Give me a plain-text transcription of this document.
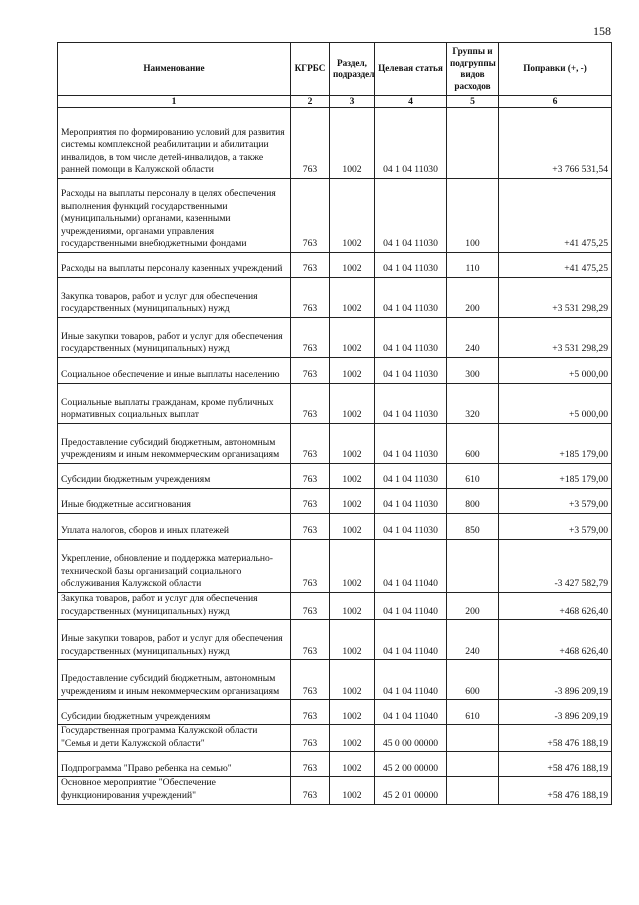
158
Наименование	КГРБС	Раздел, подраздел	Целевая статья	Группы и подгруппы видов расходов	Поправки (+, -)
1	2	3	4	5	6
Мероприятия по формированию условий для развития системы комплексной реабилитации и абилитации инвалидов, в том числе детей-инвалидов, а также ранней помощи в Калужской области	763	1002	04 1 04 11030		+3 766 531,54
Расходы на выплаты персоналу в целях обеспечения выполнения функций государственными (муниципальными) органами, казенными учреждениями, органами управления государственными внебюджетными фондами	763	1002	04 1 04 11030	100	+41 475,25
Расходы на выплаты персоналу казенных учреждений	763	1002	04 1 04 11030	110	+41 475,25
Закупка товаров, работ и услуг для обеспечения государственных (муниципальных) нужд	763	1002	04 1 04 11030	200	+3 531 298,29
Иные закупки товаров, работ и услуг для обеспечения государственных (муниципальных) нужд	763	1002	04 1 04 11030	240	+3 531 298,29
Социальное обеспечение и иные выплаты населению	763	1002	04 1 04 11030	300	+5 000,00
Социальные выплаты гражданам, кроме публичных нормативных социальных выплат	763	1002	04 1 04 11030	320	+5 000,00
Предоставление субсидий бюджетным, автономным учреждениям и иным некоммерческим организациям	763	1002	04 1 04 11030	600	+185 179,00
Субсидии бюджетным учреждениям	763	1002	04 1 04 11030	610	+185 179,00
Иные бюджетные ассигнования	763	1002	04 1 04 11030	800	+3 579,00
Уплата налогов, сборов и иных платежей	763	1002	04 1 04 11030	850	+3 579,00
Укрепление, обновление и поддержка материально-технической базы организаций социального обслуживания Калужской области	763	1002	04 1 04 11040		-3 427 582,79
Закупка товаров, работ и услуг для обеспечения государственных (муниципальных) нужд	763	1002	04 1 04 11040	200	+468 626,40
Иные закупки товаров, работ и услуг для обеспечения государственных (муниципальных) нужд	763	1002	04 1 04 11040	240	+468 626,40
Предоставление субсидий бюджетным, автономным учреждениям и иным некоммерческим организациям	763	1002	04 1 04 11040	600	-3 896 209,19
Субсидии бюджетным учреждениям	763	1002	04 1 04 11040	610	-3 896 209,19
Государственная программа Калужской области "Семья и дети Калужской области"	763	1002	45 0 00 00000		+58 476 188,19
Подпрограмма "Право ребенка на семью"	763	1002	45 2 00 00000		+58 476 188,19
Основное мероприятие "Обеспечение функционирования учреждений"	763	1002	45 2 01 00000		+58 476 188,19
